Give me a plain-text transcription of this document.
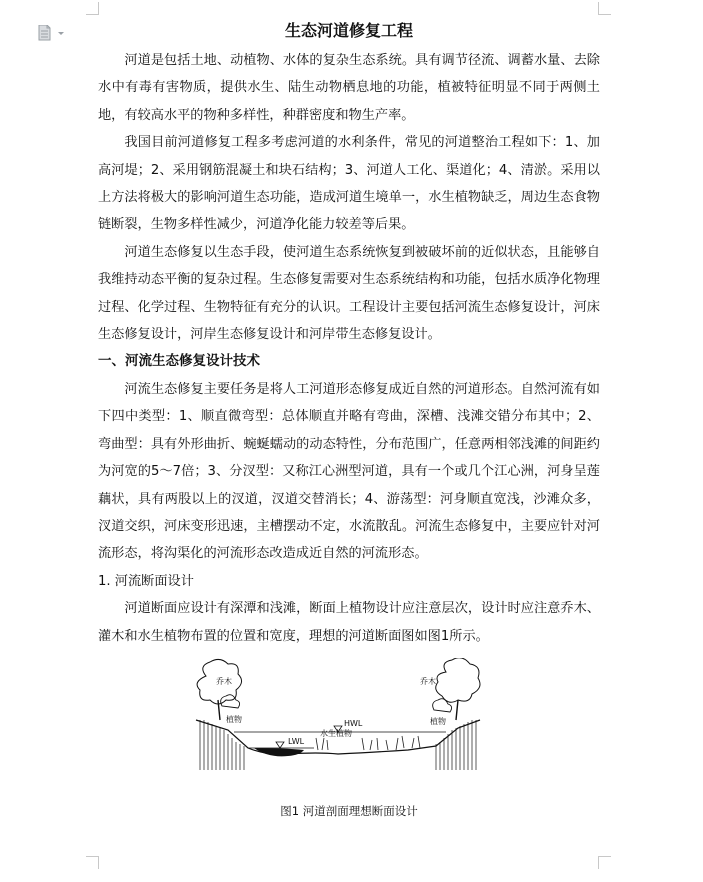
生态河道修复工程

河道是包括土地、动植物、水体的复杂生态系统。具有调节径流、调蓄水量、去除水中有毒有害物质，提供水生、陆生动物栖息地的功能，植被特征明显不同于两侧土地，有较高水平的物种多样性，种群密度和物生产率。

我国目前河道修复工程多考虑河道的水利条件，常见的河道整治工程如下：1、加高河堤；2、采用钢筋混凝土和块石结构；3、河道人工化、渠道化；4、清淤。采用以上方法将极大的影响河道生态功能，造成河道生境单一，水生植物缺乏，周边生态食物链断裂，生物多样性减少，河道净化能力较差等后果。

河道生态修复以生态手段，使河道生态系统恢复到被破坏前的近似状态，且能够自我维持动态平衡的复杂过程。生态修复需要对生态系统结构和功能，包括水质净化物理过程、化学过程、生物特征有充分的认识。工程设计主要包括河流生态修复设计，河床生态修复设计，河岸生态修复设计和河岸带生态修复设计。

一、河流生态修复设计技术

河流生态修复主要任务是将人工河道形态修复成近自然的河道形态。自然河流有如下四中类型：1、顺直微弯型：总体顺直并略有弯曲，深槽、浅滩交错分布其中；2、弯曲型：具有外形曲折、蜿蜒蠕动的动态特性，分布范围广，任意两相邻浅滩的间距约为河宽的5～7倍；3、分汊型：又称江心洲型河道，具有一个或几个江心洲，河身呈莲藕状，具有两股以上的汊道，汊道交替消长；4、游荡型：河身顺直宽浅，沙滩众多，汊道交织，河床变形迅速，主槽摆动不定，水流散乱。河流生态修复中，主要应针对河流形态，将沟渠化的河流形态改造成近自然的河流形态。

1. 河流断面设计

河道断面应设计有深潭和浅滩，断面上植物设计应注意层次，设计时应注意乔木、灌木和水生植物布置的位置和宽度，理想的河道断面图如图1所示。

乔木	乔木
植物	植物
水生植物
HWL
LWL
图1 河道剖面理想断面设计
